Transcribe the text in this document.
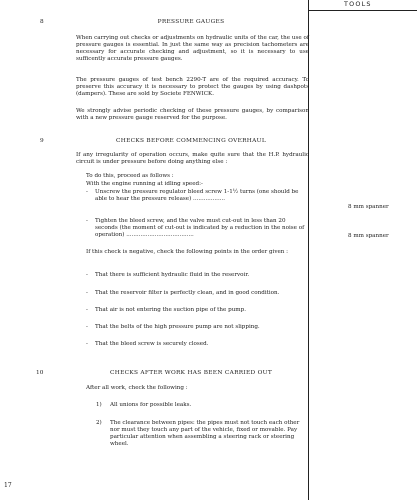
TOOLS
8	PRESSURE GAUGES
When carrying out checks or adjustments on hydraulic units of the car, the use of pressure gauges is essential. In just the same way as precision tachometers are necessary for accurate checking and adjustment, so it is necessary to use sufficently accurate pressure gauges.
The pressure gauges of test bench 2290-T are of the required accuracy. To preserve this accuracy it is necessary to protect the gauges by using dashpots (dampers). These are sold by Societe FENWICK.
We strongly advise periodic checking of these pressure gauges, by comparison with a new pressure gauge reserved for the purpose.
9	CHECKS BEFORE COMMENCING OVERHAUL
If any irregularity of operation occurs, make quite sure that the H.P. hydraulic circuit is under pressure before doing anything else :
To do this, proceed as follows :
With the engine running at idling speed:-
- Unscrew the pressure regulator bleed screw 1-1½ turns (one should be able to hear the pressure release) ..................
8 mm spanner
- Tighten the bleed screw, and the valve must cut-out in less than 20 seconds (the moment of cut-out is indicated by a reduction in the noise of operation) ......................................	8 mm spanner
If this check is negative, check the following points in the order given :
- That there is sufficient hydraulic fluid in the reservoir.
- That the reservoir filter is perfectly clean, and in good condition.
- That air is not entering the suction pipe of the pump.
- That the belts of the high pressure pump are not slipping.
- That the bleed screw is securely closed.
10	CHECKS AFTER WORK HAS BEEN CARRIED OUT
After all work, check the following :
1) All unions for possible leaks.
2) The clearance between pipes: the pipes must not touch each other nor must they touch any part of the vehicle, fixed or movable. Pay particular attention when assembling a steering rack or steering wheel.
17
